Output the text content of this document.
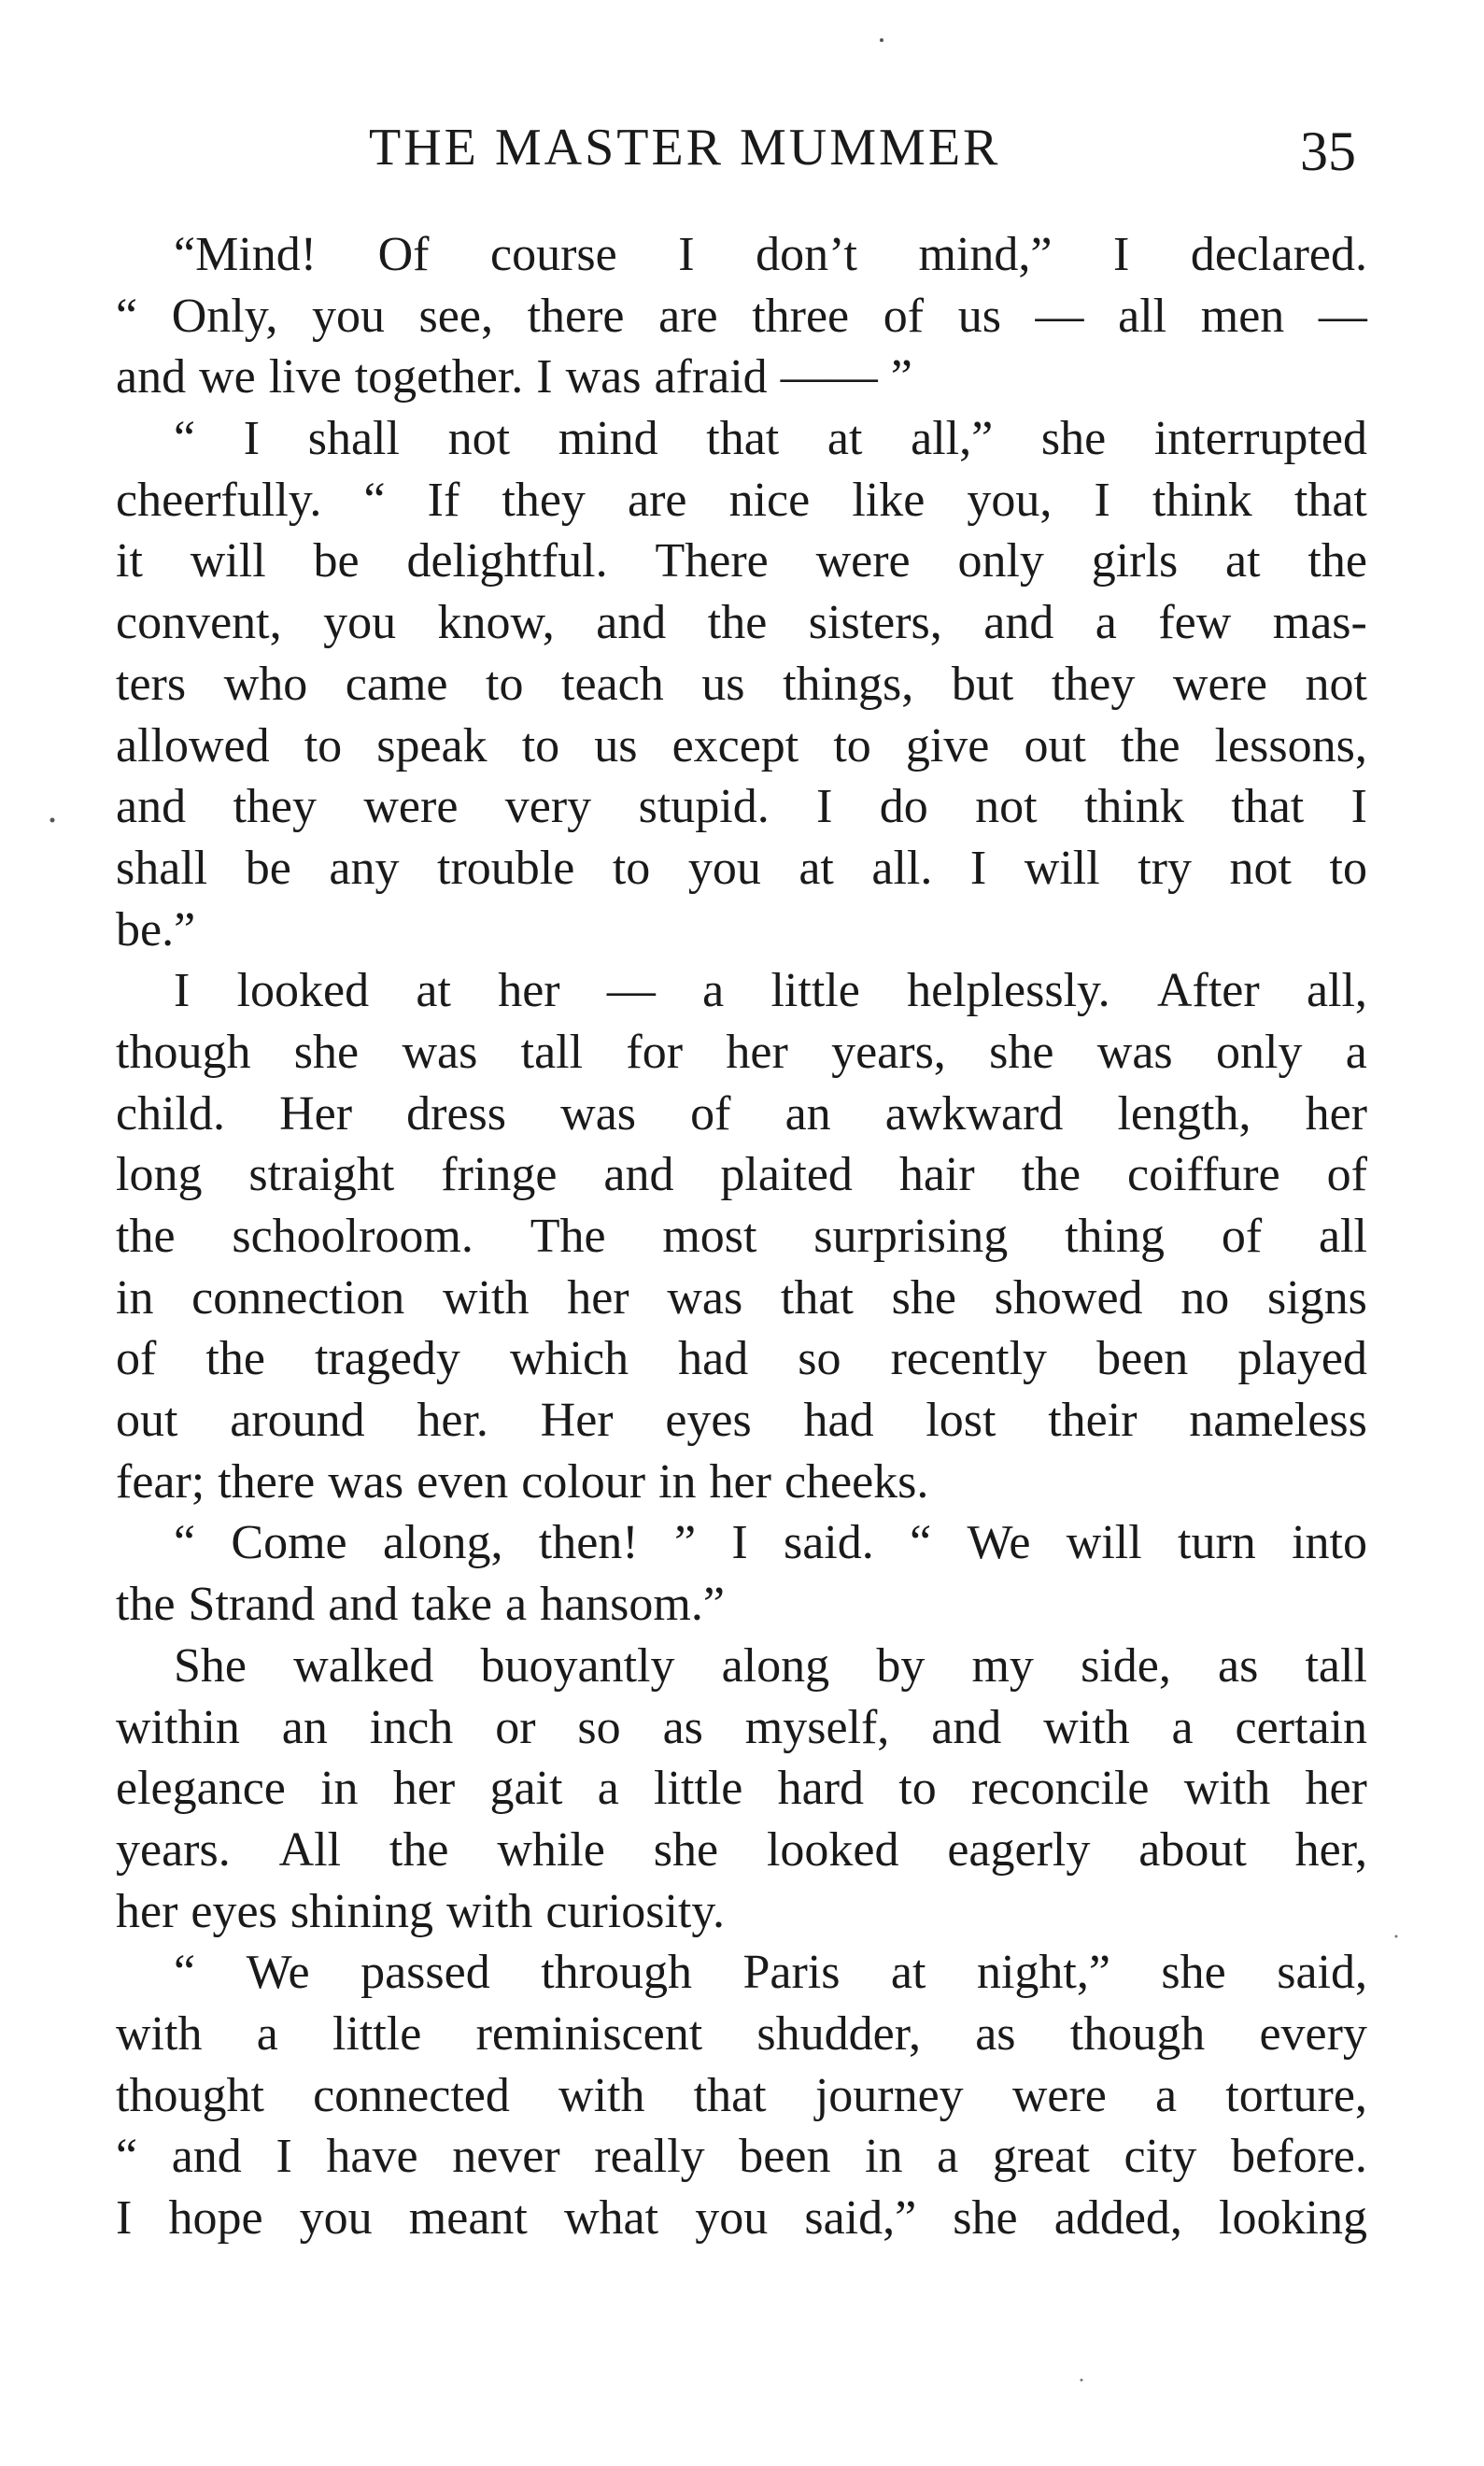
THE MASTER MUMMER	35
“Mind! Of course I don’t mind,” I declared.
“ Only, you see, there are three of us — all men —
and we live together. I was afraid —— ”
“ I shall not mind that at all,” she interrupted
cheerfully. “ If they are nice like you, I think that
it will be delightful. There were only girls at the
convent, you know, and the sisters, and a few mas-
ters who came to teach us things, but they were not
allowed to speak to us except to give out the lessons,
and they were very stupid. I do not think that I
shall be any trouble to you at all. I will try not to
be.”
I looked at her — a little helplessly. After all,
though she was tall for her years, she was only a
child. Her dress was of an awkward length, her
long straight fringe and plaited hair the coiffure of
the schoolroom. The most surprising thing of all
in connection with her was that she showed no signs
of the tragedy which had so recently been played
out around her. Her eyes had lost their nameless
fear; there was even colour in her cheeks.
“ Come along, then! ” I said. “ We will turn into
the Strand and take a hansom.”
She walked buoyantly along by my side, as tall
within an inch or so as myself, and with a certain
elegance in her gait a little hard to reconcile with her
years. All the while she looked eagerly about her,
her eyes shining with curiosity.
“ We passed through Paris at night,” she said,
with a little reminiscent shudder, as though every
thought connected with that journey were a torture,
“ and I have never really been in a great city before.
I hope you meant what you said,” she added, looking
